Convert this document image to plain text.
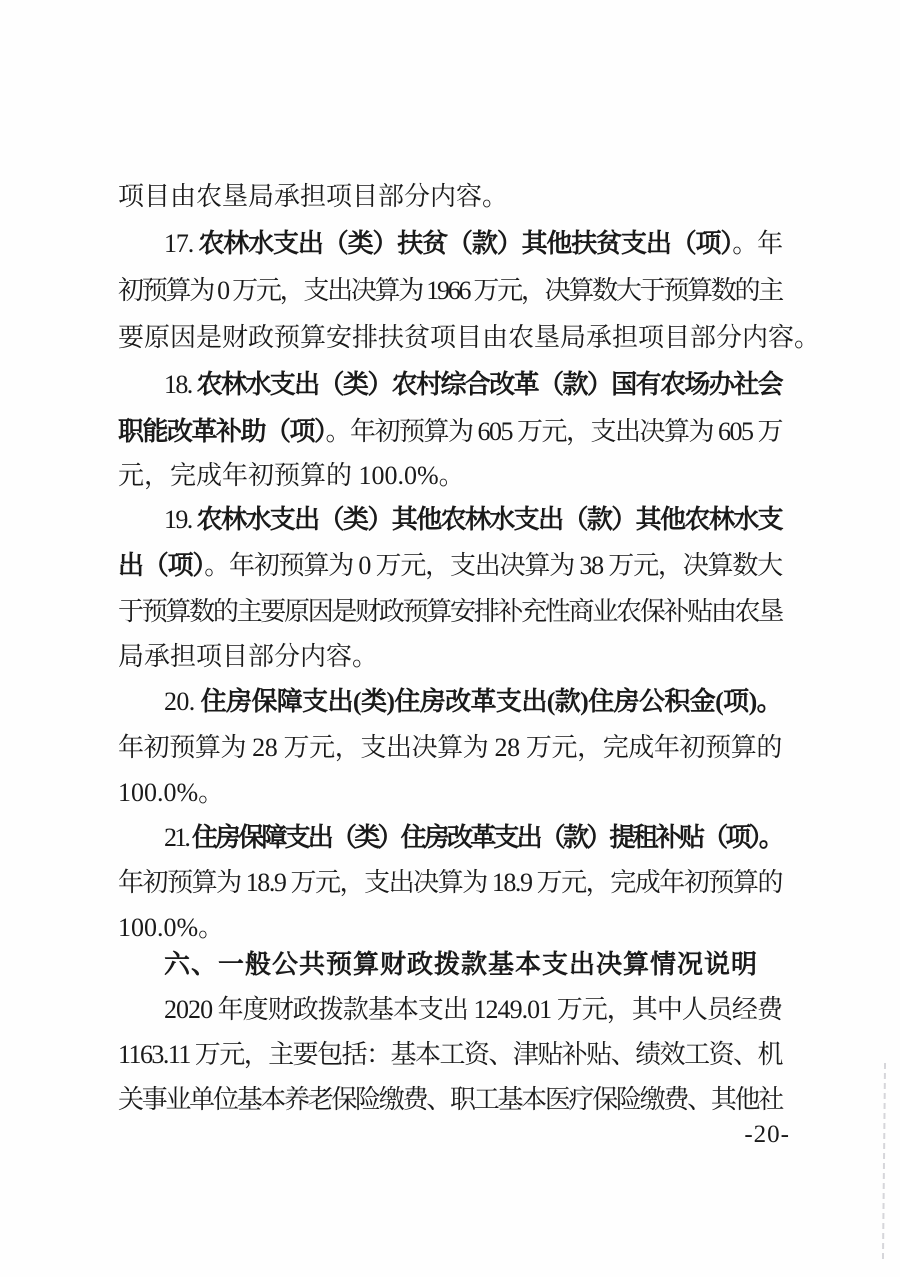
项目由农垦局承担项目部分内容。
17. 农林水支出（类）扶贫（款）其他扶贫支出（项）。年
初预算为 0 万元，支出决算为 1966 万元，决算数大于预算数的主
要原因是财政预算安排扶贫项目由农垦局承担项目部分内容。
18. 农林水支出（类）农村综合改革（款）国有农场办社会
职能改革补助（项）。年初预算为 605 万元，支出决算为 605 万
元，完成年初预算的 100.0%。
19. 农林水支出（类）其他农林水支出（款）其他农林水支
出（项）。年初预算为 0 万元，支出决算为 38 万元，决算数大
于预算数的主要原因是财政预算安排补充性商业农保补贴由农垦
局承担项目部分内容。
20. 住房保障支出(类)住房改革支出(款)住房公积金(项)。
年初预算为 28 万元，支出决算为 28 万元，完成年初预算的
100.0%。
21. 住房保障支出（类）住房改革支出（款）提租补贴（项）。
年初预算为 18.9 万元，支出决算为 18.9 万元，完成年初预算的
100.0%。
六、一般公共预算财政拨款基本支出决算情况说明
2020 年度财政拨款基本支出 1249.01 万元，其中人员经费
1163.11 万元，主要包括：基本工资、津贴补贴、绩效工资、机
关事业单位基本养老保险缴费、职工基本医疗保险缴费、其他社
-20-
